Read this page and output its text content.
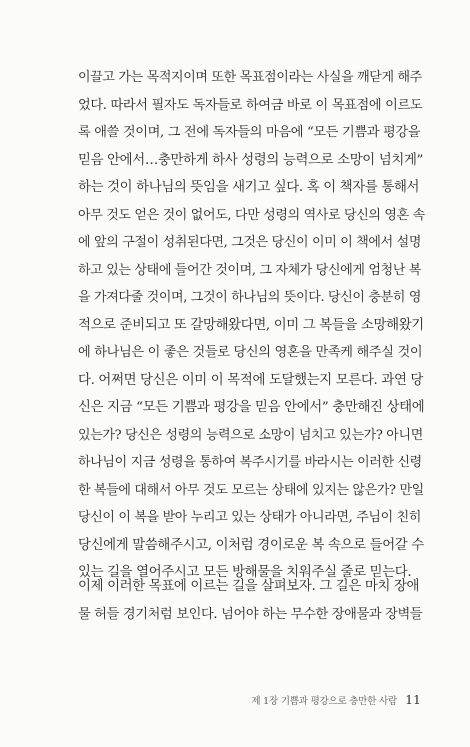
이끌고 가는 목적지이며 또한 목표점이라는 사실을 깨닫게 해주
었다. 따라서 필자도 독자들로 하여금 바로 이 목표점에 이르도
록 애쓸 것이며, 그 전에 독자들의 마음에 “모든 기쁨과 평강을
믿음 안에서…충만하게 하사 성령의 능력으로 소망이 넘치게”
하는 것이 하나님의 뜻임을 새기고 싶다. 혹 이 책자를 통해서
아무 것도 얻은 것이 없어도, 다만 성령의 역사로 당신의 영혼 속
에 앞의 구절이 성취된다면, 그것은 당신이 이미 이 책에서 설명
하고 있는 상태에 들어간 것이며, 그 자체가 당신에게 엄청난 복
을 가져다줄 것이며, 그것이 하나님의 뜻이다. 당신이 충분히 영
적으로 준비되고 또 갈망해왔다면, 이미 그 복들을 소망해왔기
에 하나님은 이 좋은 것들로 당신의 영혼을 만족케 해주실 것이
다. 어쩌면 당신은 이미 이 목적에 도달했는지 모른다. 과연 당
신은 지금 “모든 기쁨과 평강을 믿음 안에서” 충만해진 상태에
있는가? 당신은 성령의 능력으로 소망이 넘치고 있는가? 아니면
하나님이 지금 성령을 통하여 복주시기를 바라시는 이러한 신령
한 복들에 대해서 아무 것도 모르는 상태에 있지는 않은가? 만일
당신이 이 복을 받아 누리고 있는 상태가 아니라면, 주님이 친히
당신에게 말씀해주시고, 이처럼 경이로운 복 속으로 들어갈 수
있는 길을 열어주시고 모든 방해물을 치워주실 줄로 믿는다.
이제 이러한 목표에 이르는 길을 살펴보자. 그 길은 마치 장애
물 허들 경기처럼 보인다. 넘어야 하는 무수한 장애물과 장벽들
제 1장 기쁨과 평강으로 충만한 사람 11
